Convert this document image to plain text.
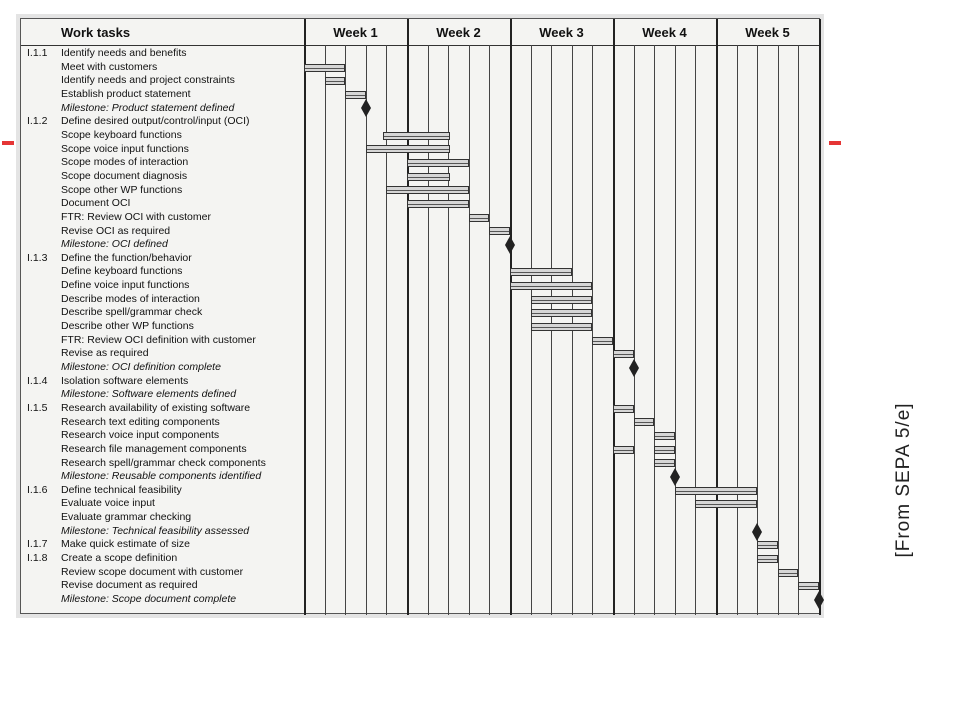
Work tasks	Week 1	Week 2	Week 3	Week 4	Week 5
I.1.1 Identify needs and benefits
Meet with customers
Identify needs and project constraints
Establish product statement
Milestone: Product statement defined
I.1.2 Define desired output/control/input (OCI)
Scope keyboard functions
Scope voice input functions
Scope modes of interaction
Scope document diagnosis
Scope other WP functions
Document OCI
FTR: Review OCI with customer
Revise OCI as required
Milestone: OCI defined
I.1.3 Define the function/behavior
Define keyboard functions
Define voice input functions
Describe modes of interaction
Describe spell/grammar check
Describe other WP functions
FTR: Review OCI definition with customer
Revise as required
Milestone: OCI definition complete
I.1.4 Isolation software elements
Milestone: Software elements defined
I.1.5 Research availability of existing software
Research text editing components
Research voice input components
Research file management components
Research spell/grammar check components
Milestone: Reusable components identified
I.1.6 Define technical feasibility
Evaluate voice input
Evaluate grammar checking
Milestone: Technical feasibility assessed
I.1.7 Make quick estimate of size
I.1.8 Create a scope definition
Review scope document with customer
Revise document as required
Milestone: Scope document complete
[From SEPA 5/e]
